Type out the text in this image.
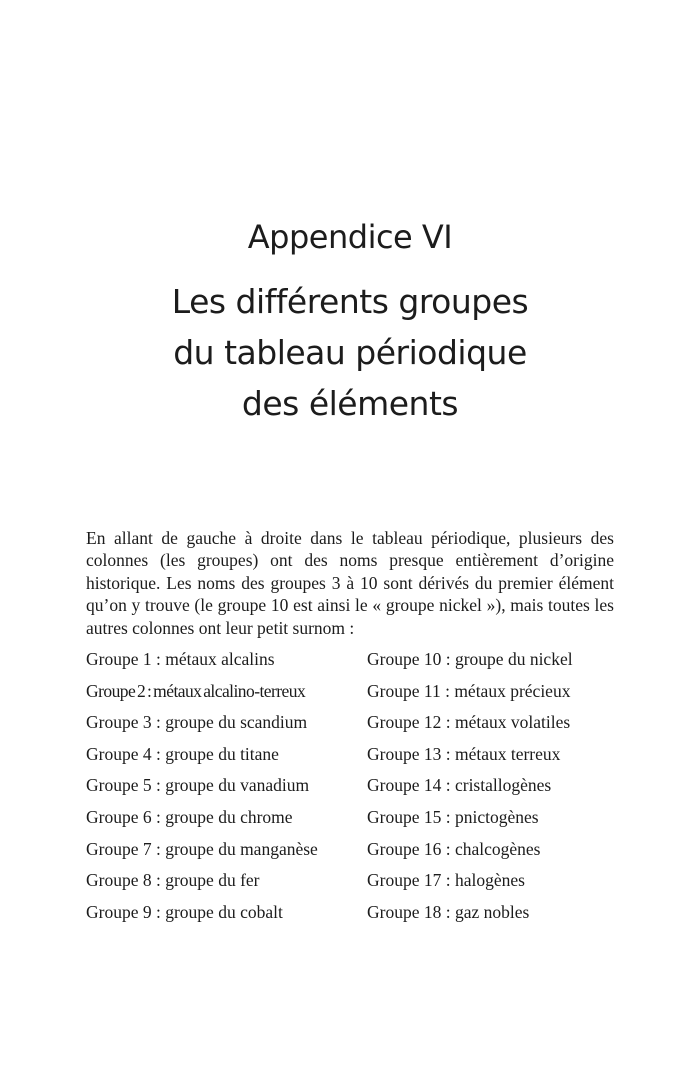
Appendice VI
Les différents groupes
du tableau périodique
des éléments

En allant de gauche à droite dans le tableau périodique, plusieurs des colonnes (les groupes) ont des noms presque entièrement d’origine historique. Les noms des groupes 3 à 10 sont dérivés du premier élément qu’on y trouve (le groupe 10 est ainsi le « groupe nickel »), mais toutes les autres colonnes ont leur petit surnom :

Groupe 1 : métaux alcalins	Groupe 10 : groupe du nickel
Groupe 2 : métaux alcalino-terreux	Groupe 11 : métaux précieux
Groupe 3 : groupe du scandium	Groupe 12 : métaux volatiles
Groupe 4 : groupe du titane	Groupe 13 : métaux terreux
Groupe 5 : groupe du vanadium	Groupe 14 : cristallogènes
Groupe 6 : groupe du chrome	Groupe 15 : pnictogènes
Groupe 7 : groupe du manganèse	Groupe 16 : chalcogènes
Groupe 8 : groupe du fer	Groupe 17 : halogènes
Groupe 9 : groupe du cobalt	Groupe 18 : gaz nobles
